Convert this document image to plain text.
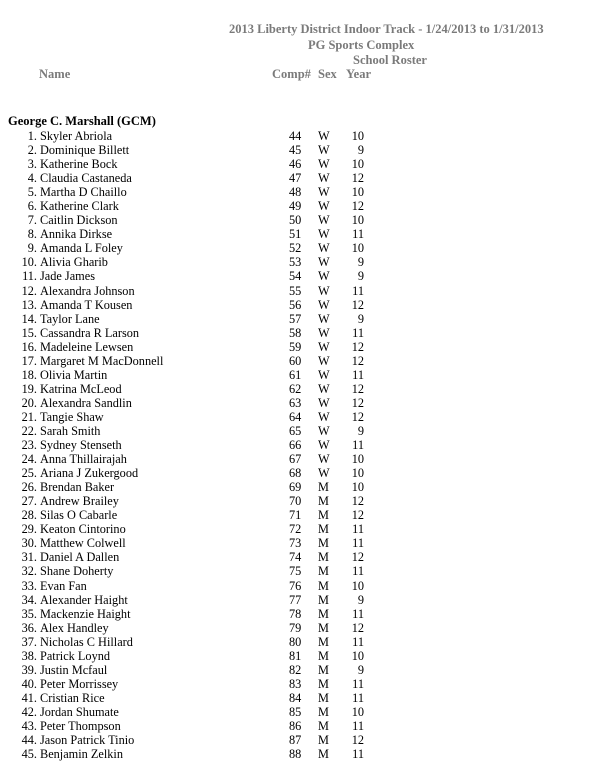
2013 Liberty District Indoor Track - 1/24/2013 to 1/31/2013
PG Sports Complex
School Roster
Name	Comp# Sex Year
George C. Marshall (GCM)
1. Skyler Abriola	44 W 10
2. Dominique Billett	45 W 9
3. Katherine Bock	46 W 10
4. Claudia Castaneda	47 W 12
5. Martha D Chaillo	48 W 10
6. Katherine Clark	49 W 12
7. Caitlin Dickson	50 W 10
8. Annika Dirkse	51 W 11
9. Amanda L Foley	52 W 10
10. Alivia Gharib	53 W 9
11. Jade James	54 W 9
12. Alexandra Johnson	55 W 11
13. Amanda T Kousen	56 W 12
14. Taylor Lane	57 W 9
15. Cassandra R Larson	58 W 11
16. Madeleine Lewsen	59 W 12
17. Margaret M MacDonnell	60 W 12
18. Olivia Martin	61 W 11
19. Katrina McLeod	62 W 12
20. Alexandra Sandlin	63 W 12
21. Tangie Shaw	64 W 12
22. Sarah Smith	65 W 9
23. Sydney Stenseth	66 W 11
24. Anna Thillairajah	67 W 10
25. Ariana J Zukergood	68 W 10
26. Brendan Baker	69 M 10
27. Andrew Brailey	70 M 12
28. Silas O Cabarle	71 M 12
29. Keaton Cintorino	72 M 11
30. Matthew Colwell	73 M 11
31. Daniel A Dallen	74 M 12
32. Shane Doherty	75 M 11
33. Evan Fan	76 M 10
34. Alexander Haight	77 M 9
35. Mackenzie Haight	78 M 11
36. Alex Handley	79 M 12
37. Nicholas C Hillard	80 M 11
38. Patrick Loynd	81 M 10
39. Justin Mcfaul	82 M 9
40. Peter Morrissey	83 M 11
41. Cristian Rice	84 M 11
42. Jordan Shumate	85 M 10
43. Peter Thompson	86 M 11
44. Jason Patrick Tinio	87 M 12
45. Benjamin Zelkin	88 M 11
